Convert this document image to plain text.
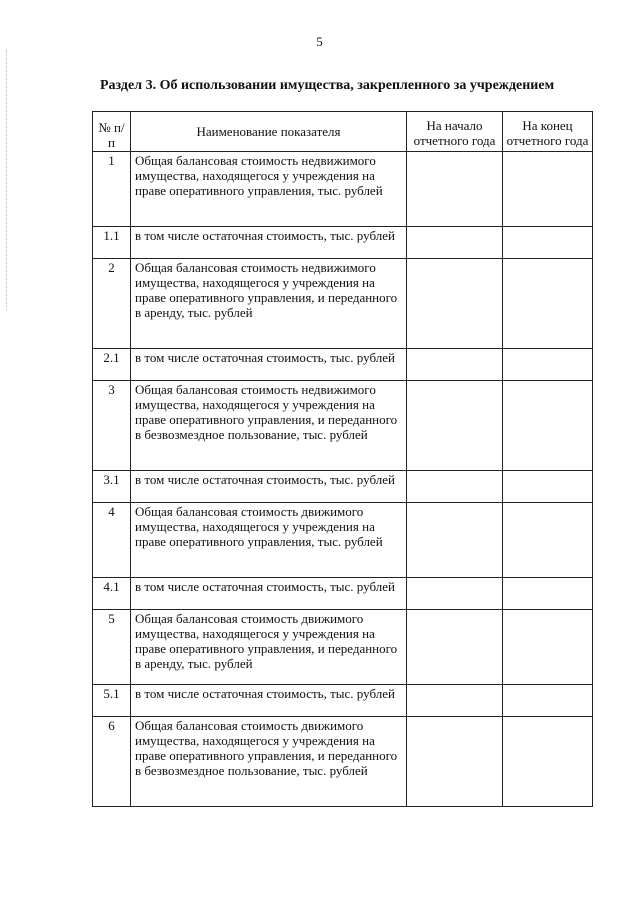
5
Раздел 3. Об использовании имущества, закрепленного за учреждением
№ п/п	Наименование показателя	На начало отчетного года	На конец отчетного года
1	Общая балансовая стоимость недвижимого имущества, находящегося у учреждения на праве оперативного управления, тыс. рублей		
1.1	в том числе остаточная стоимость, тыс. рублей		
2	Общая балансовая стоимость недвижимого имущества, находящегося у учреждения на праве оперативного управления, и переданного в аренду, тыс. рублей		
2.1	в том числе остаточная стоимость, тыс. рублей		
3	Общая балансовая стоимость недвижимого имущества, находящегося у учреждения на праве оперативного управления, и переданного в безвозмездное пользование, тыс. рублей		
3.1	в том числе остаточная стоимость, тыс. рублей		
4	Общая балансовая стоимость движимого имущества, находящегося у учреждения на праве оперативного управления, тыс. рублей		
4.1	в том числе остаточная стоимость, тыс. рублей		
5	Общая балансовая стоимость движимого имущества, находящегося у учреждения на праве оперативного управления, и переданного в аренду, тыс. рублей		
5.1	в том числе остаточная стоимость, тыс. рублей		
6	Общая балансовая стоимость движимого имущества, находящегося у учреждения на праве оперативного управления, и переданного в безвозмездное пользование, тыс. рублей		
